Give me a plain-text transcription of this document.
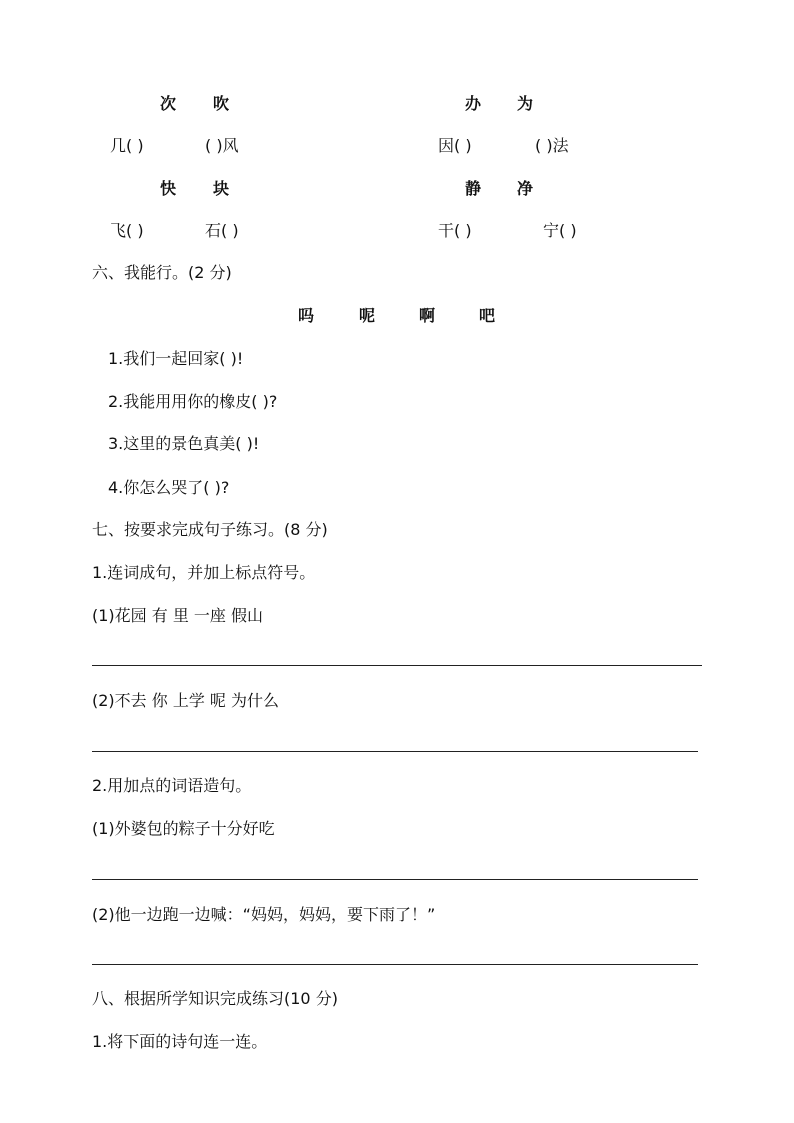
次 吹	办 为
几( )	( )风	因( )	( )法
快 块	静 净
飞( )	石( )	干( )	宁( )
六、我能行。(2 分)
吗	呢	啊	吧
1.我们一起回家( )!
2.我能用用你的橡皮( )?
3.这里的景色真美( )!
4.你怎么哭了( )?
七、按要求完成句子练习。(8 分)
1.连词成句，并加上标点符号。
(1)花园 有 里 一座 假山
(2)不去 你 上学 呢 为什么
2.用加点的词语造句。
(1)外婆包的粽子十分好吃
(2)他一边跑一边喊：“妈妈，妈妈，要下雨了！”
八、根据所学知识完成练习(10 分)
1.将下面的诗句连一连。
